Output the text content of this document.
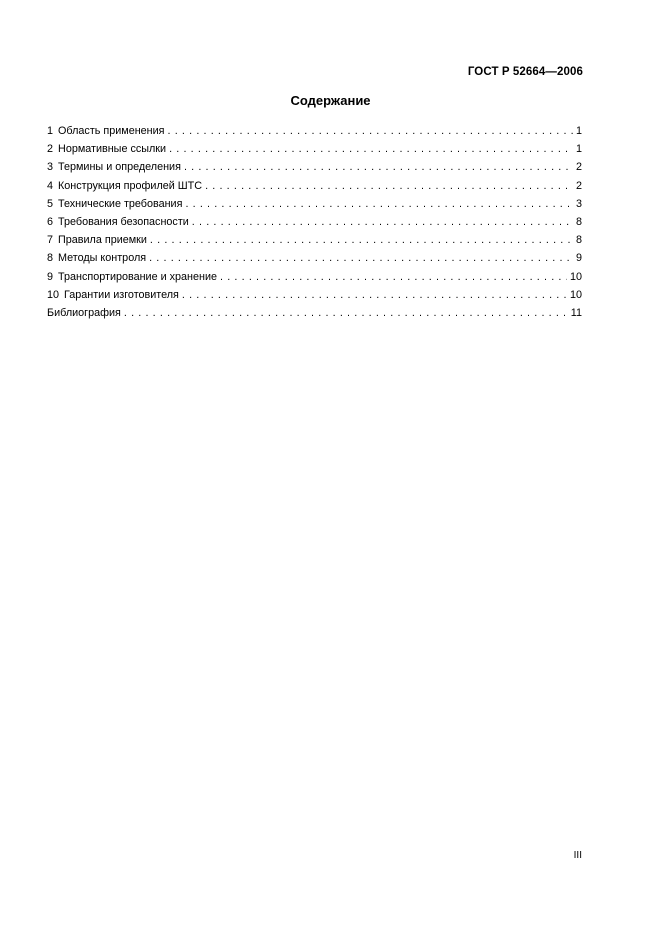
ГОСТ Р 52664—2006
Содержание
1 Область применения . . .	1
2 Нормативные ссылки . . .	1
3 Термины и определения . . .	2
4 Конструкция профилей ШТС . . .	2
5 Технические требования . . .	3
6 Требования безопасности . . .	8
7 Правила приемки . . .	8
8 Методы контроля . . .	9
9 Транспортирование и хранение . . .	10
10 Гарантии изготовителя . . .	10
Библиография . . .	11
III
